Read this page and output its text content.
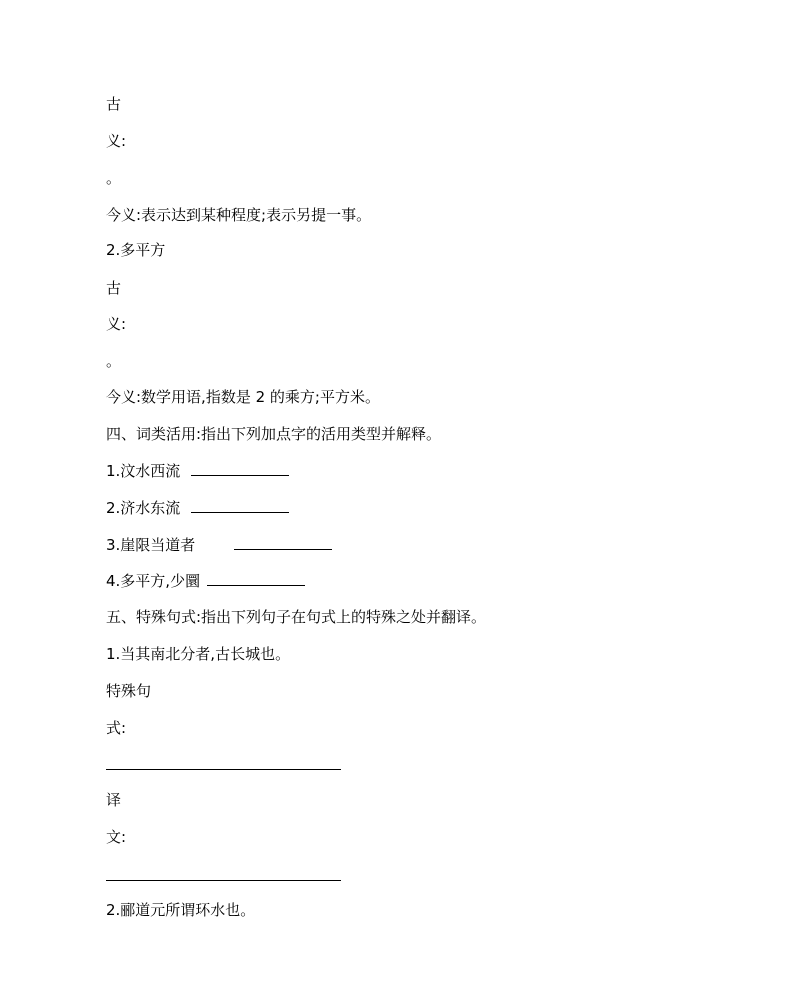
古
义:
。
今义:表示达到某种程度;表示另提一事。
2.多平方
古
义:
。
今义:数学用语,指数是 2 的乘方;平方米。
四、词类活用:指出下列加点字的活用类型并解释。
1.汶水西流
2.济水东流
3.崖限当道者
4.多平方,少圜
五、特殊句式:指出下列句子在句式上的特殊之处并翻译。
1.当其南北分者,古长城也。
特殊句
式:
译
文:
2.郦道元所谓环水也。
